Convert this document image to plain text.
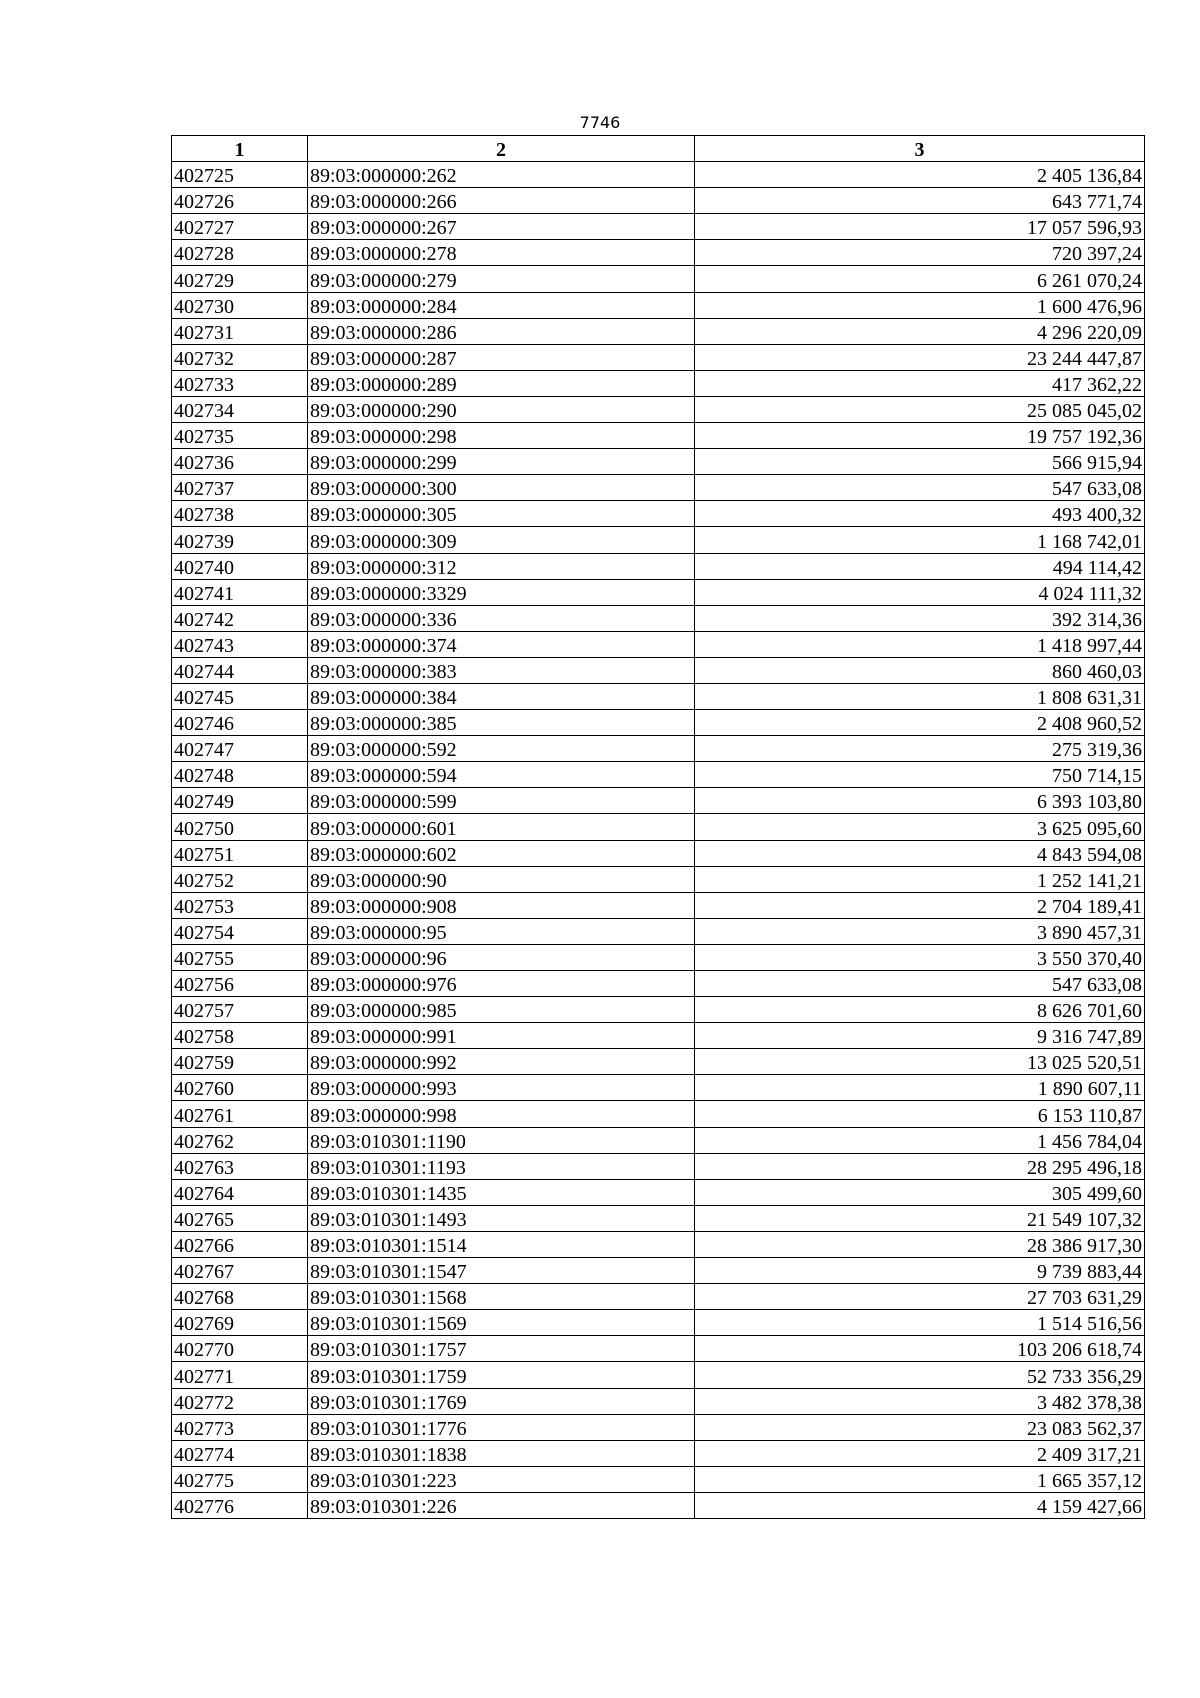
7746
1	2	3
402725	89:03:000000:262	2 405 136,84
402726	89:03:000000:266	643 771,74
402727	89:03:000000:267	17 057 596,93
402728	89:03:000000:278	720 397,24
402729	89:03:000000:279	6 261 070,24
402730	89:03:000000:284	1 600 476,96
402731	89:03:000000:286	4 296 220,09
402732	89:03:000000:287	23 244 447,87
402733	89:03:000000:289	417 362,22
402734	89:03:000000:290	25 085 045,02
402735	89:03:000000:298	19 757 192,36
402736	89:03:000000:299	566 915,94
402737	89:03:000000:300	547 633,08
402738	89:03:000000:305	493 400,32
402739	89:03:000000:309	1 168 742,01
402740	89:03:000000:312	494 114,42
402741	89:03:000000:3329	4 024 111,32
402742	89:03:000000:336	392 314,36
402743	89:03:000000:374	1 418 997,44
402744	89:03:000000:383	860 460,03
402745	89:03:000000:384	1 808 631,31
402746	89:03:000000:385	2 408 960,52
402747	89:03:000000:592	275 319,36
402748	89:03:000000:594	750 714,15
402749	89:03:000000:599	6 393 103,80
402750	89:03:000000:601	3 625 095,60
402751	89:03:000000:602	4 843 594,08
402752	89:03:000000:90	1 252 141,21
402753	89:03:000000:908	2 704 189,41
402754	89:03:000000:95	3 890 457,31
402755	89:03:000000:96	3 550 370,40
402756	89:03:000000:976	547 633,08
402757	89:03:000000:985	8 626 701,60
402758	89:03:000000:991	9 316 747,89
402759	89:03:000000:992	13 025 520,51
402760	89:03:000000:993	1 890 607,11
402761	89:03:000000:998	6 153 110,87
402762	89:03:010301:1190	1 456 784,04
402763	89:03:010301:1193	28 295 496,18
402764	89:03:010301:1435	305 499,60
402765	89:03:010301:1493	21 549 107,32
402766	89:03:010301:1514	28 386 917,30
402767	89:03:010301:1547	9 739 883,44
402768	89:03:010301:1568	27 703 631,29
402769	89:03:010301:1569	1 514 516,56
402770	89:03:010301:1757	103 206 618,74
402771	89:03:010301:1759	52 733 356,29
402772	89:03:010301:1769	3 482 378,38
402773	89:03:010301:1776	23 083 562,37
402774	89:03:010301:1838	2 409 317,21
402775	89:03:010301:223	1 665 357,12
402776	89:03:010301:226	4 159 427,66
